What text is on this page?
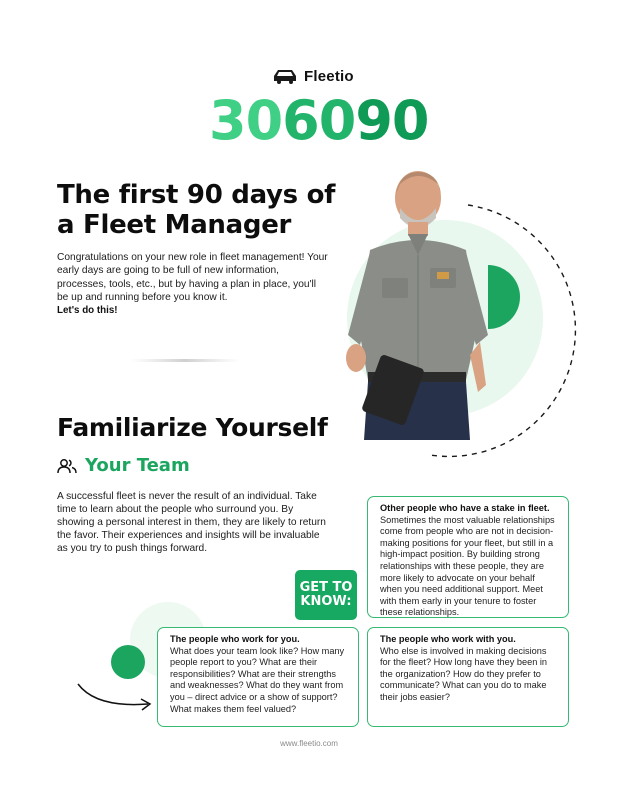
Fleetio
306090
The first 90 days of
a Fleet Manager
Congratulations on your new role in fleet management! Your early days are going to be full of new information, processes, tools, etc., but by having a plan in place, you'll be up and running before you know it.
Let's do this!
Familiarize Yourself
Your Team
A successful fleet is never the result of an individual. Take time to learn about the people who surround you. By showing a personal interest in them, they are likely to return the favor. Their experiences and insights will be invaluable as you try to push things forward.
GET TO
KNOW:
Other people who have a stake in fleet.
Sometimes the most valuable relationships come from people who are not in decision-making positions for your fleet, but still in a high-impact position. By building strong relationships with these people, they are more likely to advocate on your behalf when you need additional support. Meet with them early in your tenure to foster these relationships.
The people who work for you.
What does your team look like? How many people report to you? What are their responsibilities? What are their strengths and weaknesses? What do they want from you – direct advice or a show of support? What makes them feel valued?
The people who work with you.
Who else is involved in making decisions for the fleet? How long have they been in the organization? How do they prefer to communicate? What can you do to make their jobs easier?
www.fleetio.com
